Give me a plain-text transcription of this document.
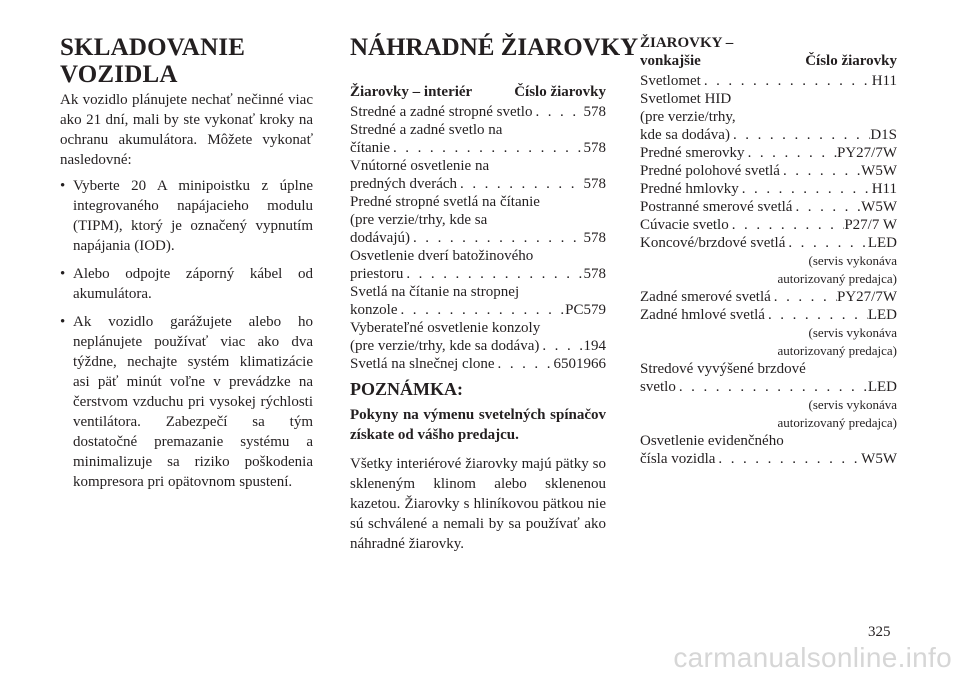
SKLADOVANIE VOZIDLA

Ak vozidlo plánujete nechať nečinné viac ako 21 dní, mali by ste vykonať kroky na ochranu akumulátora. Môžete vykonať nasledovné:

• Vyberte 20 A minipoistku z úplne integrovaného napájacieho modulu (TIPM), ktorý je označený vypnutím napájania (IOD).
• Alebo odpojte záporný kábel od akumulátora.
• Ak vozidlo garážujete alebo ho neplánujete používať viac ako dva týždne, nechajte systém klimatizácie asi päť minút voľne v prevádzke na čerstvom vzduchu pri vysokej rýchlosti ventilátora. Zabezpečí sa tým dostatočné premazanie systému a minimalizuje sa riziko poškodenia kompresora pri opätovnom spustení.
NÁHRADNÉ ŽIAROVKY
Žiarovky – interiér	Číslo žiarovky
Stredné a zadné stropné svetlo . . .	578
Stredné a zadné svetlo na
čítanie . . .	578
Vnútorné osvetlenie na
predných dverách . . .	578
Predné stropné svetlá na čítanie
(pre verzie/trhy, kde sa
dodávajú) . . .	578
Osvetlenie dverí batožinového
priestoru . . .	578
Svetlá na čítanie na stropnej
konzole . . .	PC579
Vyberateľné osvetlenie konzoly
(pre verzie/trhy, kde sa dodáva) . . .	194
Svetlá na slnečnej clone . . .	6501966
POZNÁMKA:

Pokyny na výmenu svetelných spínačov získate od vášho predajcu.

Všetky interiérové žiarovky majú pätky so skleneným klinom alebo sklenenou kazetou. Žiarovky s hliníkovou pätkou nie sú schválené a nemali by sa používať ako náhradné žiarovky.

ŽIAROVKY –
vonkajšie	Číslo žiarovky
Svetlomet . . .	H11
Svetlomet HID
(pre verzie/trhy,
kde sa dodáva) . . .	D1S
Predné smerovky . . .	PY27/7W
Predné polohové svetlá . . .	W5W
Predné hmlovky . . .	H11
Postranné smerové svetlá . . .	W5W
Cúvacie svetlo . . .	P27/7 W
Koncové/brzdové svetlá . . .	LED
(servis vykonáva
autorizovaný predajca)
Zadné smerové svetlá . . .	PY27/7W
Zadné hmlové svetlá . . .	LED
(servis vykonáva
autorizovaný predajca)
Stredové vyvýšené brzdové
svetlo . . .	LED
(servis vykonáva
autorizovaný predajca)
Osvetlenie evidenčného
čísla vozidla . . .	W5W
325
carmanualsonline.info
